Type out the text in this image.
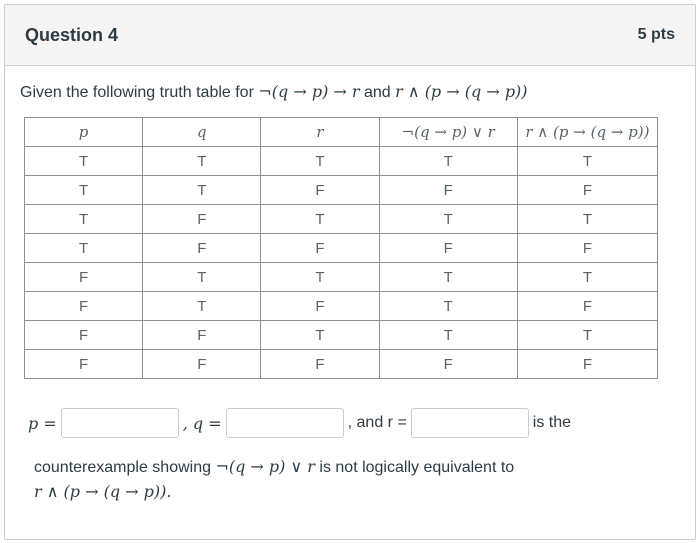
Question 4	5 pts
Given the following truth table for ¬(q → p) → r and r ∧ (p → (q → p))
p	q	r	¬(q → p) ∨ r	r ∧ (p → (q → p))
T	T	T	T	T
T	T	F	F	F
T	F	T	T	T
T	F	F	F	F
F	T	T	T	T
F	T	F	T	F
F	F	T	T	T
F	F	F	F	F
p =	, q =	, and r =	is the
counterexample showing ¬(q → p) ∨ r is not logically equivalent to
r ∧ (p → (q → p)).
